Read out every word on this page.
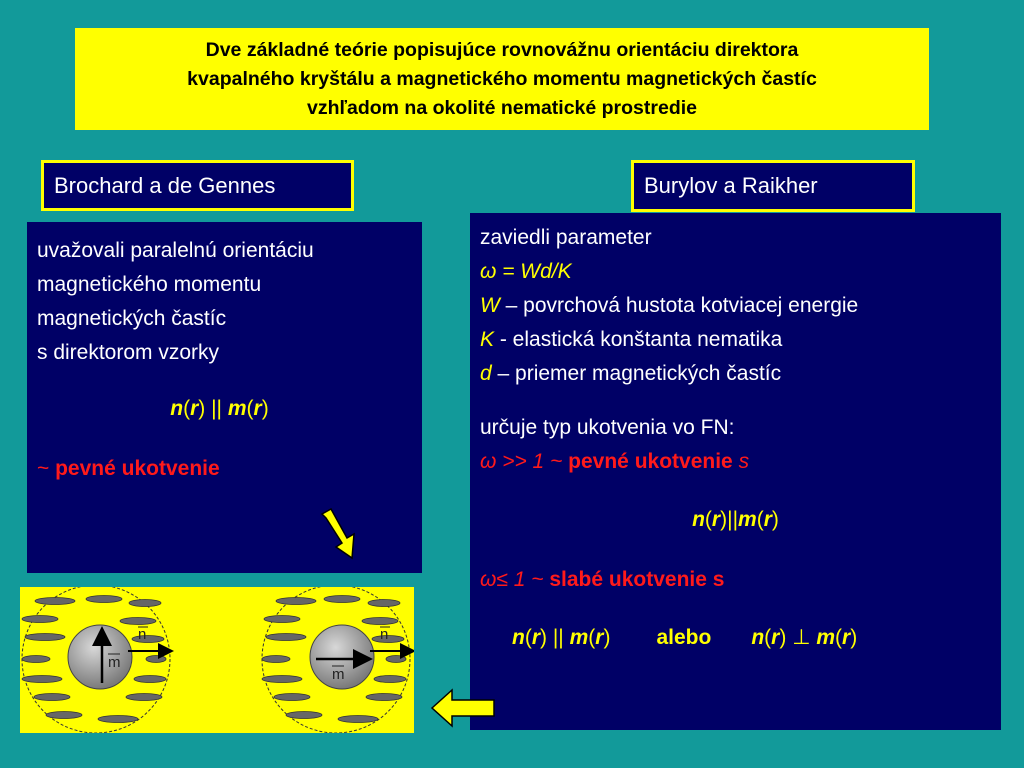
Dve základné teórie popisujúce rovnovážnu orientáciu direktora
kvapalného kryštálu a magnetického momentu magnetických častíc
vzhľadom na okolité nematické prostredie
Brochard a de Gennes	Burylov a Raikher
uvažovali paralelnú orientáciu
magnetického momentu
magnetických častíc
s direktorom vzorky
n(r) || m(r)
~ pevné ukotvenie
zaviedli parameter
ω = Wd/K
W – povrchová hustota kotviacej energie
K - elastická konštanta nematika
d – priemer magnetických častíc
určuje typ ukotvenia vo FN:
ω >> 1 ~ pevné ukotvenie s
n(r)||m(r)
ω≤ 1 ~ slabé ukotvenie s
n(r) || m(r) alebo n(r) ⊥ m(r)
n
m
n
m
